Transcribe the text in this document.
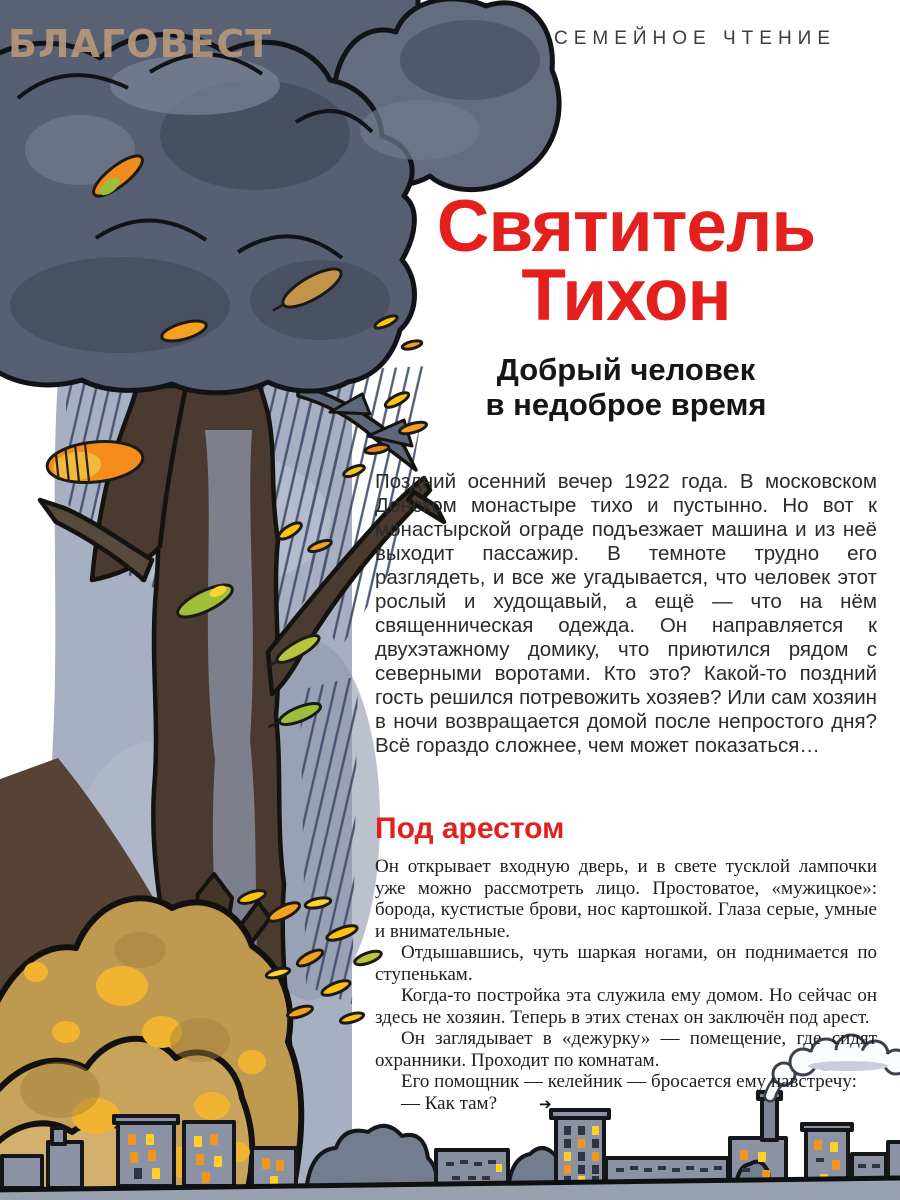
БЛАГОВЕСТ	СЕМЕЙНОЕ ЧТЕНИЕ
Святитель
Тихон
Добрый человек
в недоброе время

Поздний осенний вечер 1922 года. В московском Донском монастыре тихо и пустынно. Но вот к монастырской ограде подъезжает машина и из неё выходит пассажир. В темноте трудно его разглядеть, и все же угадывается, что человек этот рослый и худощавый, а ещё — что на нём священническая одежда. Он направляется к двухэтажному домику, что приютился рядом с северными воротами. Кто это? Какой-то поздний гость решился потревожить хозяев? Или сам хозяин в ночи возвращается домой после непростого дня? Всё гораздо сложнее, чем может показаться…

Под арестом

Он открывает входную дверь, и в свете тусклой лампочки уже можно рассмотреть лицо. Простоватое, «мужицкое»: борода, кустистые брови, нос картошкой. Глаза серые, умные и внимательные.

Отдышавшись, чуть шаркая ногами, он поднимается по ступенькам.

Когда-то постройка эта служила ему домом. Но сейчас он здесь не хозяин. Теперь в этих стенах он заключён под арест.

Он заглядывает в «дежурку» — помещение, где сидят охранники. Проходит по комнатам.

Его помощник — келейник — бросается ему навстречу:

— Как там?	➔
